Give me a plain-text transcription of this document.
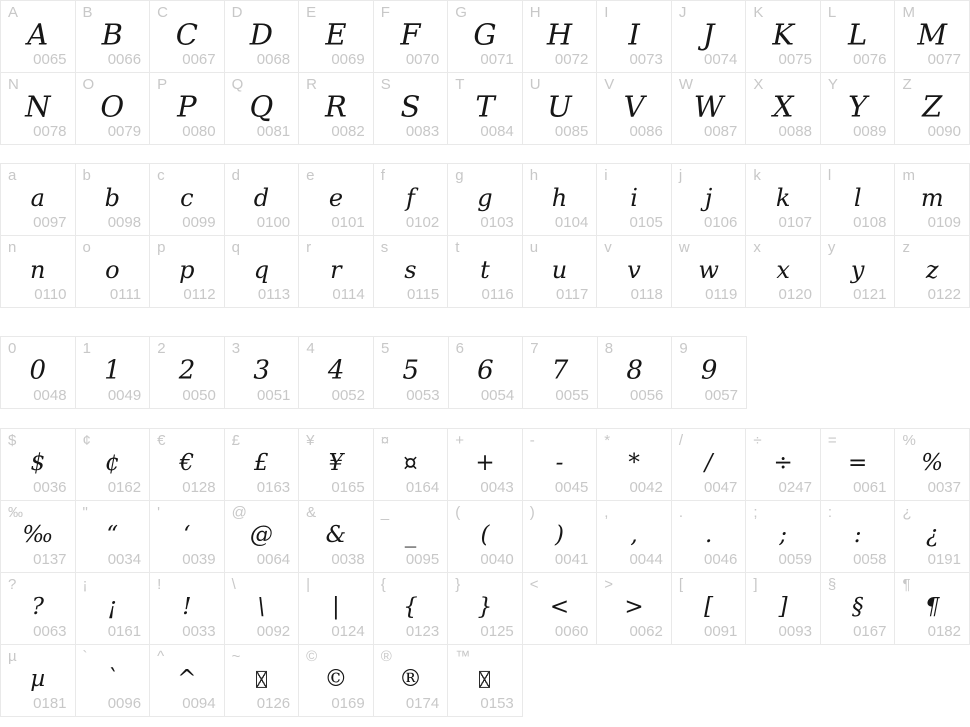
A
A
0065
B
B
0066
C
C
0067
D
D
0068
E
E
0069
F
F
0070
G
G
0071
H
H
0072
I
I
0073
J
J
0074
K
K
0075
L
L
0076
M
M
0077
N
N
0078
O
O
0079
P
P
0080
Q
Q
0081
R
R
0082
S
S
0083
T
T
0084
U
U
0085
V
V
0086
W
W
0087
X
X
0088
Y
Y
0089
Z
Z
0090
a
a
0097
b
b
0098
c
c
0099
d
d
0100
e
e
0101
f
f
0102
g
g
0103
h
h
0104
i
i
0105
j
j
0106
k
k
0107
l
l
0108
m
m
0109
n
n
0110
o
o
0111
p
p
0112
q
q
0113
r
r
0114
s
s
0115
t
t
0116
u
u
0117
v
v
0118
w
w
0119
x
x
0120
y
y
0121
z
z
0122
0
0
0048
1
1
0049
2
2
0050
3
3
0051
4
4
0052
5
5
0053
6
6
0054
7
7
0055
8
8
0056
9
9
0057
$
$
0036
¢
¢
0162
€
€
0128
£
£
0163
¥
¥
0165
¤
¤
0164
+
+
0043
-
-
0045
*
*
0042
/
/
0047
÷
÷
0247
=
=
0061
%
%
0037
‰
‰
0137
"
“
0034
'
‘
0039
@
@
0064
&
&
0038
_
_
0095
(
(
0040
)
)
0041
,
,
0044
.
.
0046
;
;
0059
:
:
0058
¿
¿
0191
?
?
0063
¡
¡
0161
!
!
0033
\
\
0092
|
|
0124
{
{
0123
}
}
0125
<
<
0060
>
>
0062
[
[
0091
]
]
0093
§
§
0167
¶
¶
0182
µ
µ
0181
`
`
0096
^
^
0094
~
0126
©
©
0169
®
®
0174
™
0153
